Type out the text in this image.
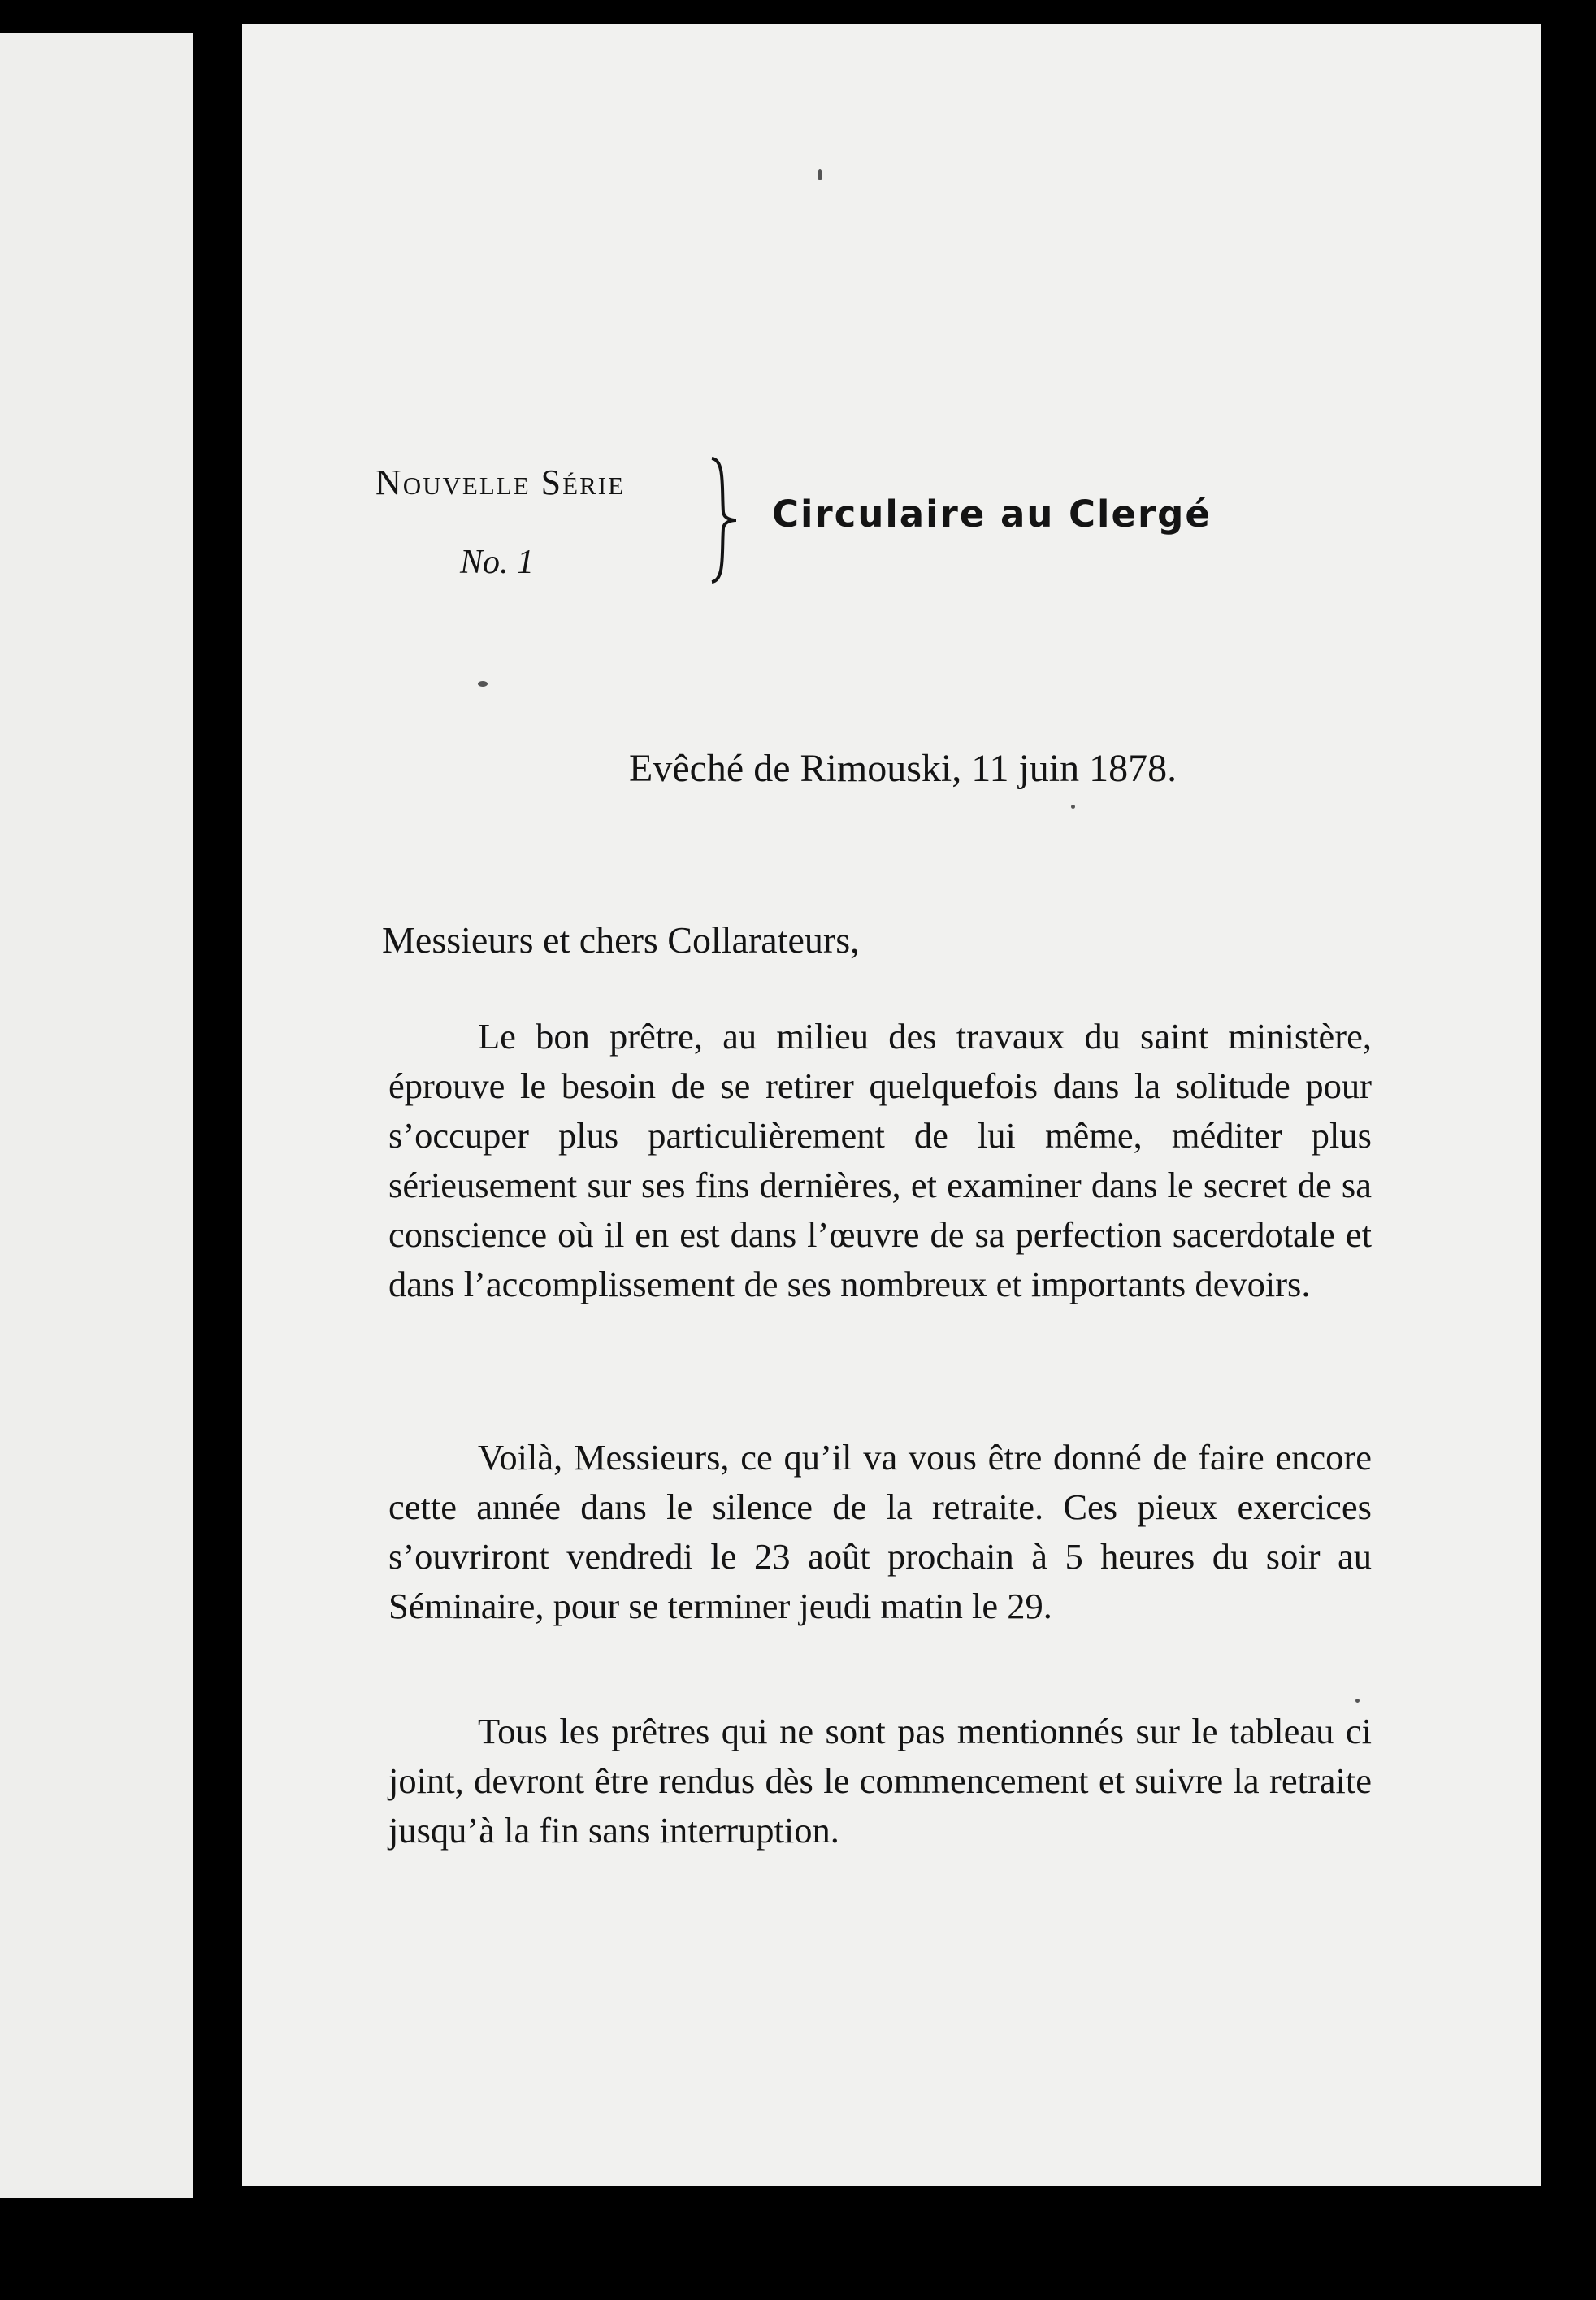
Nouvelle Série
No. 1
Circulaire au Clergé
Evêché de Rimouski, 11 juin 1878.
Messieurs et chers Collarateurs,

Le bon prêtre, au milieu des travaux du saint ministère, éprouve le besoin de se retirer quelquefois dans la solitude pour s’occuper plus particulièrement de lui même, méditer plus sérieusement sur ses fins dernières, et examiner dans le secret de sa conscience où il en est dans l’œuvre de sa perfection sacerdotale et dans l’accomplissement de ses nombreux et importants devoirs.

Voilà, Messieurs, ce qu’il va vous être donné de faire encore cette année dans le silence de la retraite. Ces pieux exercices s’ouvriront vendredi le 23 août prochain à 5 heures du soir au Séminaire, pour se terminer jeudi matin le 29.

Tous les prêtres qui ne sont pas mentionnés sur le tableau ci joint, devront être rendus dès le commencement et suivre la retraite jusqu’à la fin sans interruption.
